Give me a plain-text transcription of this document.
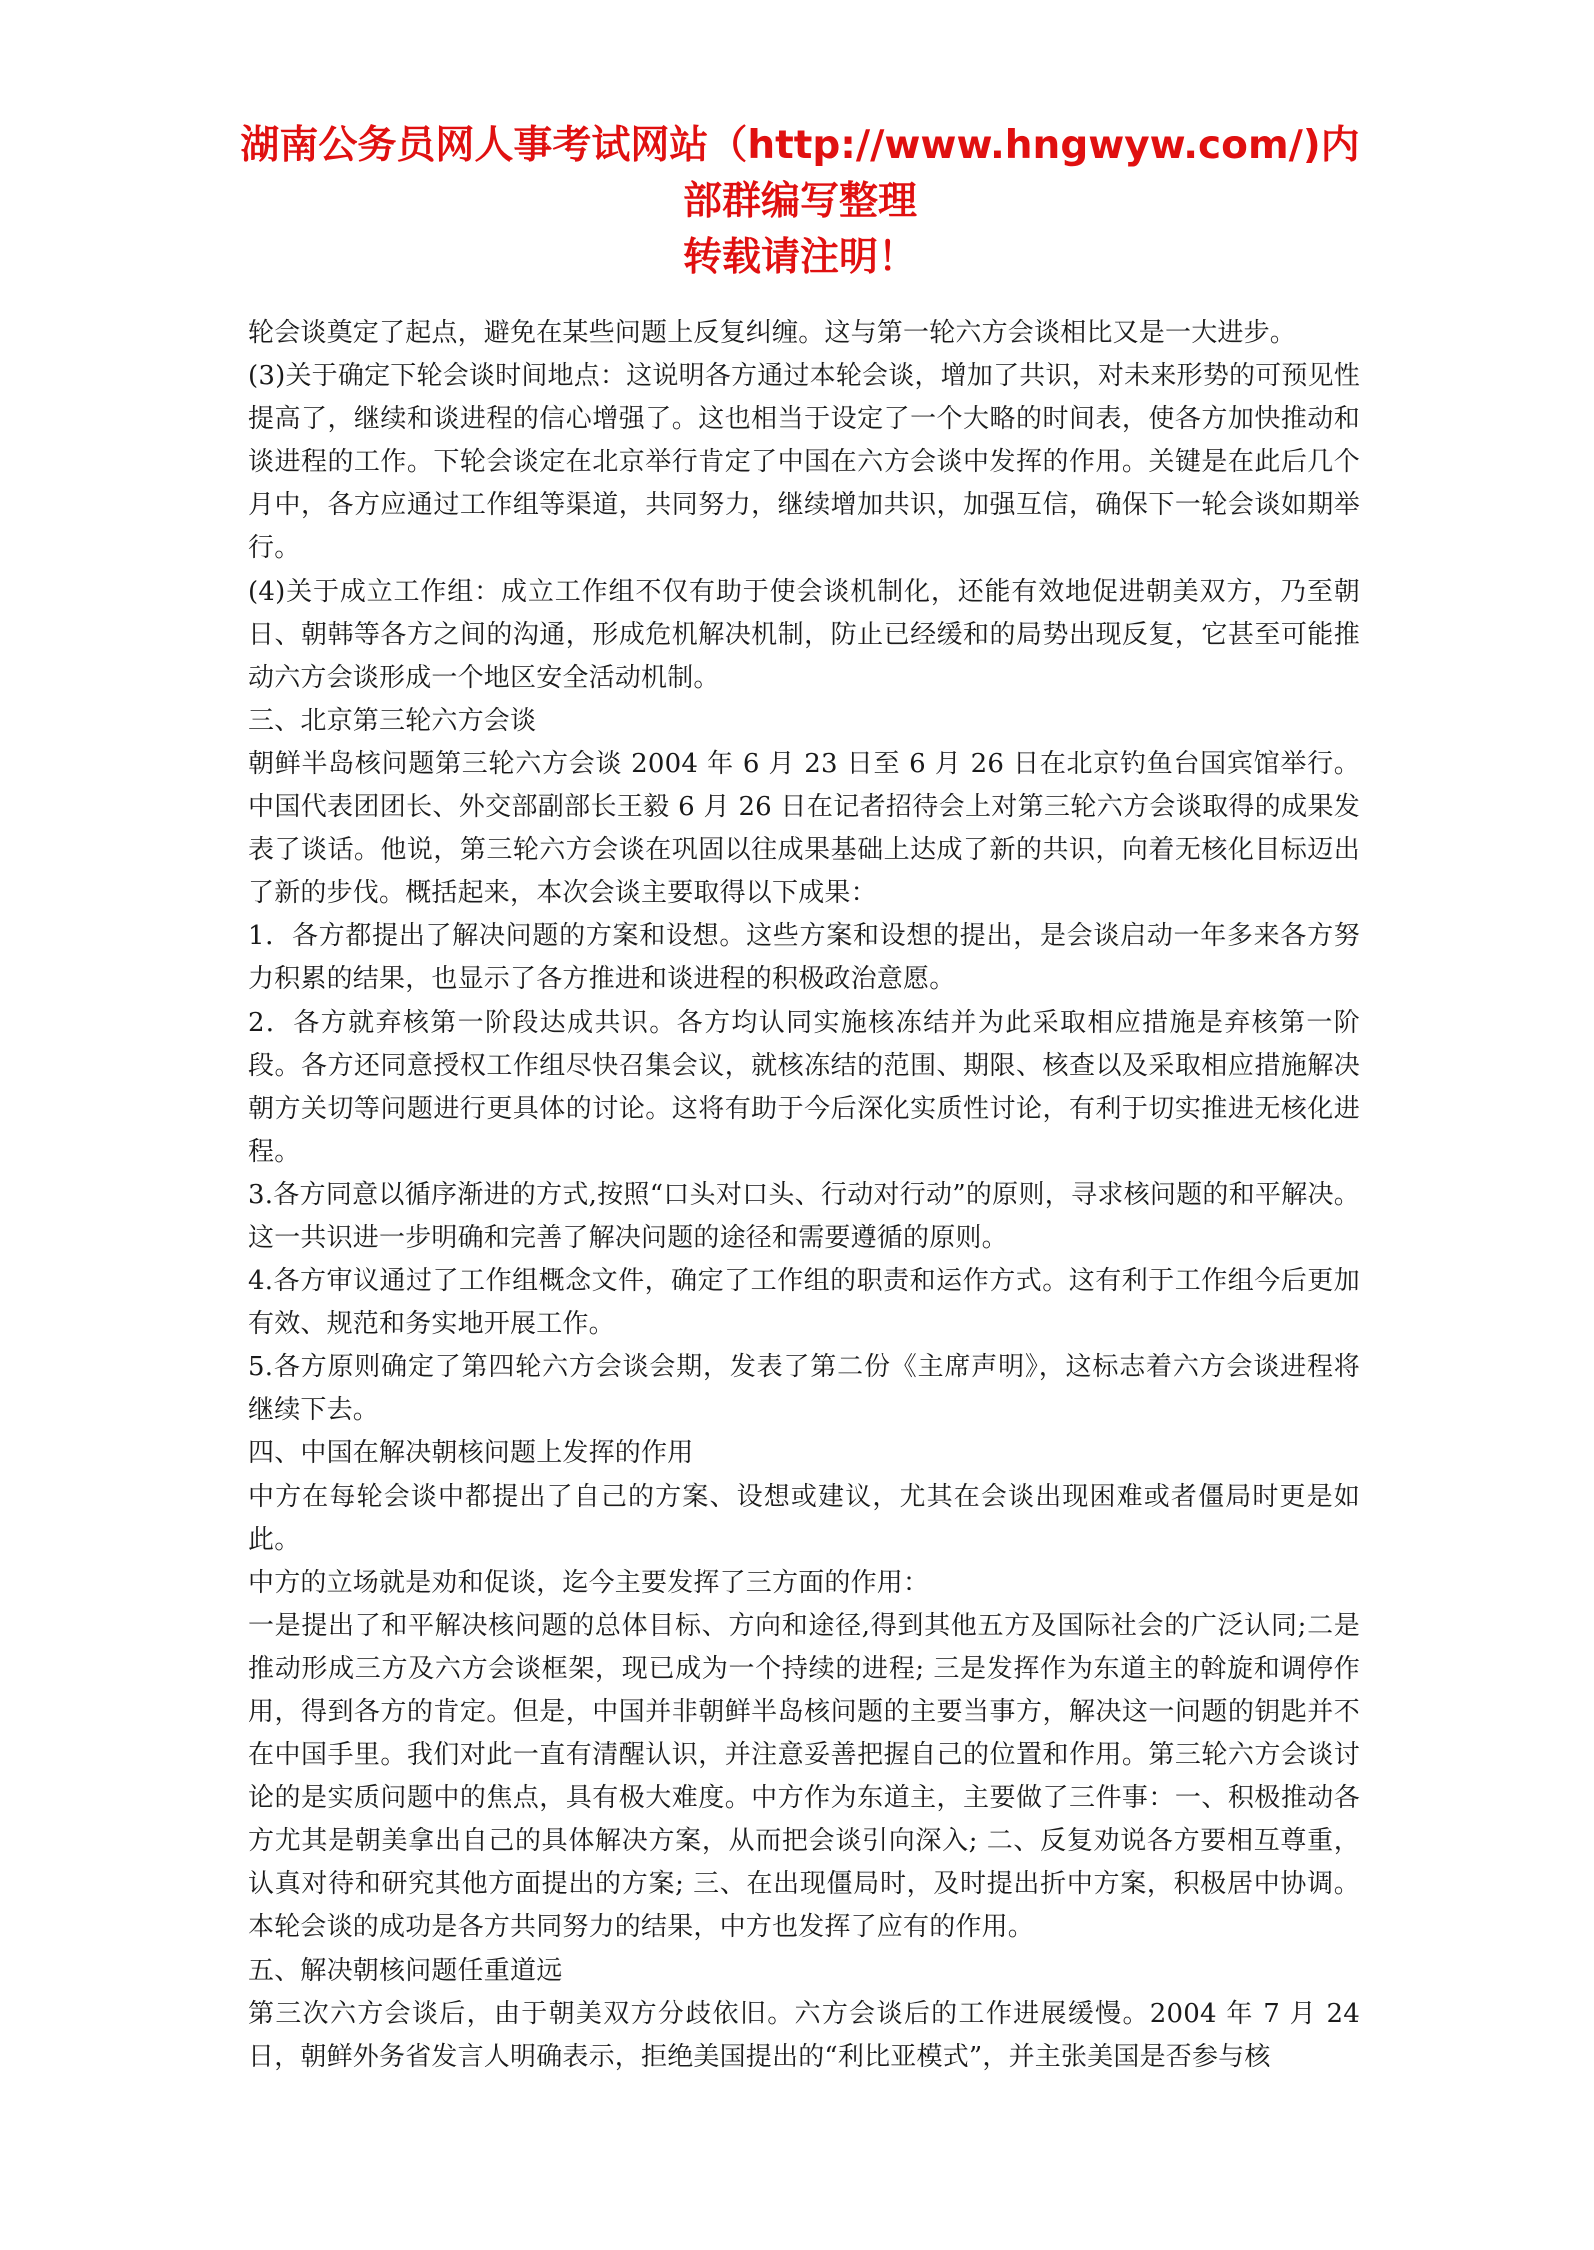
湖南公务员网人事考试网站（http://www.hngwyw.com/)内
部群编写整理
转载请注明！

轮会谈奠定了起点，避免在某些问题上反复纠缠。这与第一轮六方会谈相比又是一大进步。

(3)关于确定下轮会谈时间地点：这说明各方通过本轮会谈，增加了共识，对未来形势的可预见性提高了，继续和谈进程的信心增强了。这也相当于设定了一个大略的时间表，使各方加快推动和谈进程的工作。下轮会谈定在北京举行肯定了中国在六方会谈中发挥的作用。关键是在此后几个月中，各方应通过工作组等渠道，共同努力，继续增加共识，加强互信，确保下一轮会谈如期举行。

(4)关于成立工作组：成立工作组不仅有助于使会谈机制化，还能有效地促进朝美双方，乃至朝日、朝韩等各方之间的沟通，形成危机解决机制，防止已经缓和的局势出现反复，它甚至可能推动六方会谈形成一个地区安全活动机制。

三、北京第三轮六方会谈

朝鲜半岛核问题第三轮六方会谈 2004 年 6 月 23 日至 6 月 26 日在北京钓鱼台国宾馆举行。中国代表团团长、外交部副部长王毅 6 月 26 日在记者招待会上对第三轮六方会谈取得的成果发表了谈话。他说，第三轮六方会谈在巩固以往成果基础上达成了新的共识，向着无核化目标迈出了新的步伐。概括起来，本次会谈主要取得以下成果：

1．各方都提出了解决问题的方案和设想。这些方案和设想的提出，是会谈启动一年多来各方努力积累的结果，也显示了各方推进和谈进程的积极政治意愿。

2．各方就弃核第一阶段达成共识。各方均认同实施核冻结并为此采取相应措施是弃核第一阶段。各方还同意授权工作组尽快召集会议，就核冻结的范围、期限、核查以及采取相应措施解决朝方关切等问题进行更具体的讨论。这将有助于今后深化实质性讨论，有利于切实推进无核化进程。

3.各方同意以循序渐进的方式,按照“口头对口头、行动对行动”的原则，寻求核问题的和平解决。这一共识进一步明确和完善了解决问题的途径和需要遵循的原则。

4.各方审议通过了工作组概念文件，确定了工作组的职责和运作方式。这有利于工作组今后更加有效、规范和务实地开展工作。

5.各方原则确定了第四轮六方会谈会期，发表了第二份《主席声明》，这标志着六方会谈进程将继续下去。

四、中国在解决朝核问题上发挥的作用

中方在每轮会谈中都提出了自己的方案、设想或建议，尤其在会谈出现困难或者僵局时更是如此。

中方的立场就是劝和促谈，迄今主要发挥了三方面的作用：

一是提出了和平解决核问题的总体目标、方向和途径,得到其他五方及国际社会的广泛认同;二是推动形成三方及六方会谈框架，现已成为一个持续的进程; 三是发挥作为东道主的斡旋和调停作用，得到各方的肯定。但是，中国并非朝鲜半岛核问题的主要当事方，解决这一问题的钥匙并不在中国手里。我们对此一直有清醒认识，并注意妥善把握自己的位置和作用。第三轮六方会谈讨论的是实质问题中的焦点，具有极大难度。中方作为东道主，主要做了三件事：一、积极推动各方尤其是朝美拿出自己的具体解决方案，从而把会谈引向深入; 二、反复劝说各方要相互尊重，认真对待和研究其他方面提出的方案; 三、在出现僵局时，及时提出折中方案，积极居中协调。本轮会谈的成功是各方共同努力的结果，中方也发挥了应有的作用。

五、解决朝核问题任重道远

第三次六方会谈后，由于朝美双方分歧依旧。六方会谈后的工作进展缓慢。2004 年 7 月 24 日，朝鲜外务省发言人明确表示，拒绝美国提出的“利比亚模式”，并主张美国是否参与核
